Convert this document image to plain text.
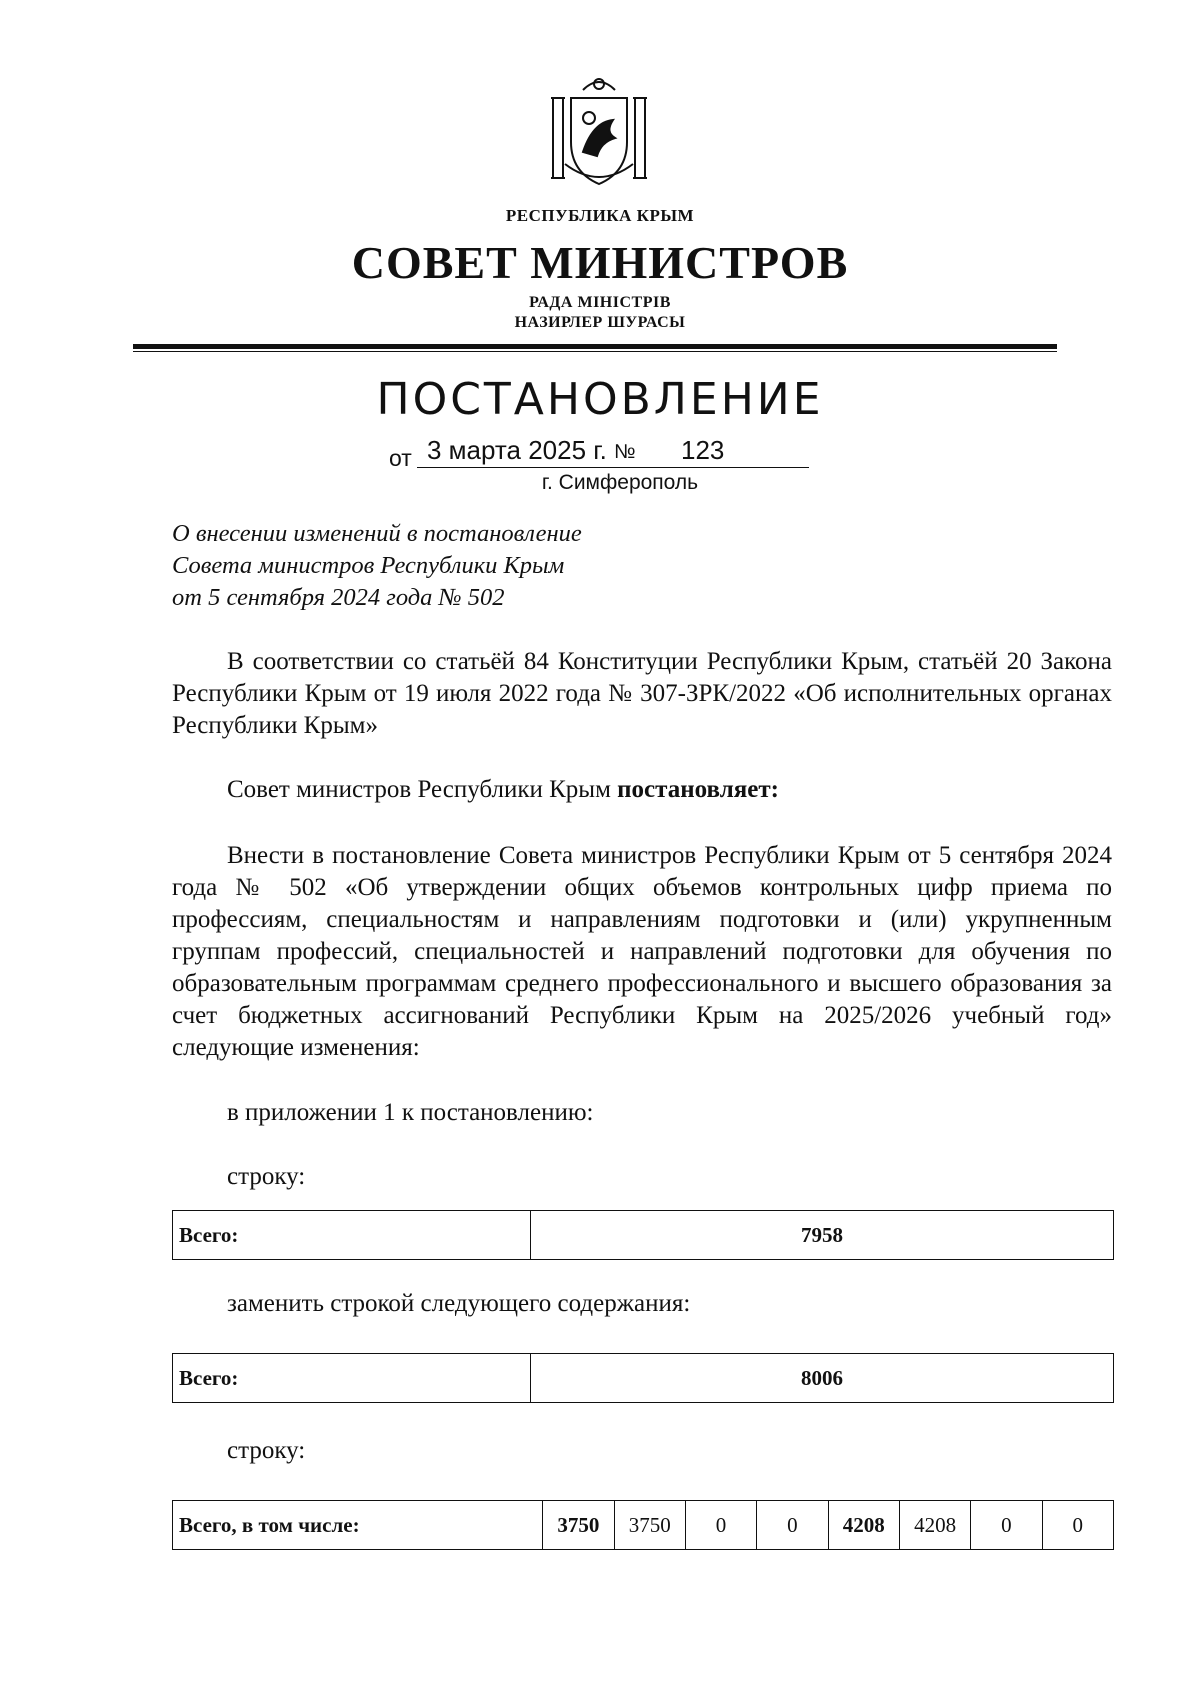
РЕСПУБЛИКА КРЫМ
СОВЕТ МИНИСТРОВ
РАДА МІНІСТРІВ
НАЗИРЛЕР ШУРАСЫ
ПОСТАНОВЛЕНИЕ
от 3 марта 2025 г. № 123
г. Симферополь
О внесении изменений в постановление
Совета министров Республики Крым
от 5 сентября 2024 года № 502
В соответствии со статьёй 84 Конституции Республики Крым, статьёй 20 Закона Республики Крым от 19 июля 2022 года № 307-ЗРК/2022 «Об исполнительных органах Республики Крым»
Совет министров Республики Крым постановляет:
Внести в постановление Совета министров Республики Крым от 5 сентября 2024 года № 502 «Об утверждении общих объемов контрольных цифр приема по профессиям, специальностям и направлениям подготовки и (или) укрупненным группам профессий, специальностей и направлений подготовки для обучения по образовательным программам среднего профессионального и высшего образования за счет бюджетных ассигнований Республики Крым на 2025/2026 учебный год» следующие изменения:
в приложении 1 к постановлению:
строку:
Всего:	7958
заменить строкой следующего содержания:
Всего:	8006
строку:
Всего, в том числе:	3750	3750	0	0	4208	4208	0	0
